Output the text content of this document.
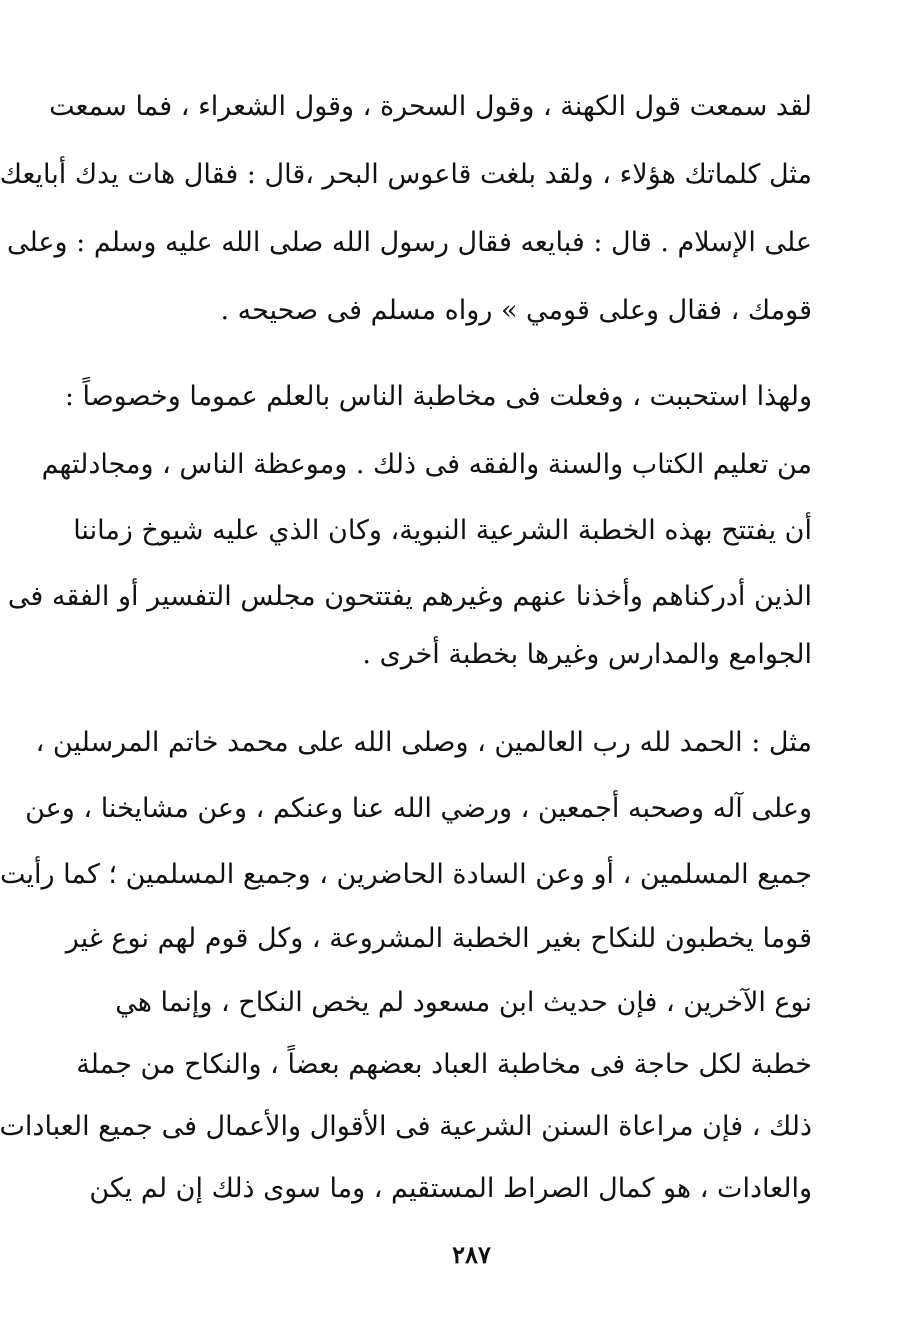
لقد سمعت قول الكهنة ، وقول السحرة ، وقول الشعراء ، فما سمعت
مثل كلماتك هؤلاء ، ولقد بلغت قاعوس البحر ،قال : فقال هات يدك أبايعك
على الإسلام . قال : فبايعه فقال رسول الله صلى الله عليه وسلم : وعلى
قومك ، فقال وعلى قومي » رواه مسلم فى صحيحه .
ولهذا استحببت ، وفعلت فى مخاطبة الناس بالعلم عموما وخصوصاً :
من تعليم الكتاب والسنة والفقه فى ذلك . وموعظة الناس ، ومجادلتهم
أن يفتتح بهذه الخطبة الشرعية النبوية، وكان الذي عليه شيوخ زماننا
الذين أدركناهم وأخذنا عنهم وغيرهم يفتتحون مجلس التفسير أو الفقه فى
الجوامع والمدارس وغيرها بخطبة أخرى .
مثل : الحمد لله رب العالمين ، وصلى الله على محمد خاتم المرسلين ،
وعلى آله وصحبه أجمعين ، ورضي الله عنا وعنكم ، وعن مشايخنا ، وعن
جميع المسلمين ، أو وعن السادة الحاضرين ، وجميع المسلمين ؛ كما رأيت
قوما يخطبون للنكاح بغير الخطبة المشروعة ، وكل قوم لهم نوع غير
نوع الآخرين ، فإن حديث ابن مسعود لم يخص النكاح ، وإنما هي
خطبة لكل حاجة فى مخاطبة العباد بعضهم بعضاً ، والنكاح من جملة
ذلك ، فإن مراعاة السنن الشرعية فى الأقوال والأعمال فى جميع العبادات
والعادات ، هو كمال الصراط المستقيم ، وما سوى ذلك إن لم يكن
٢٨٧
